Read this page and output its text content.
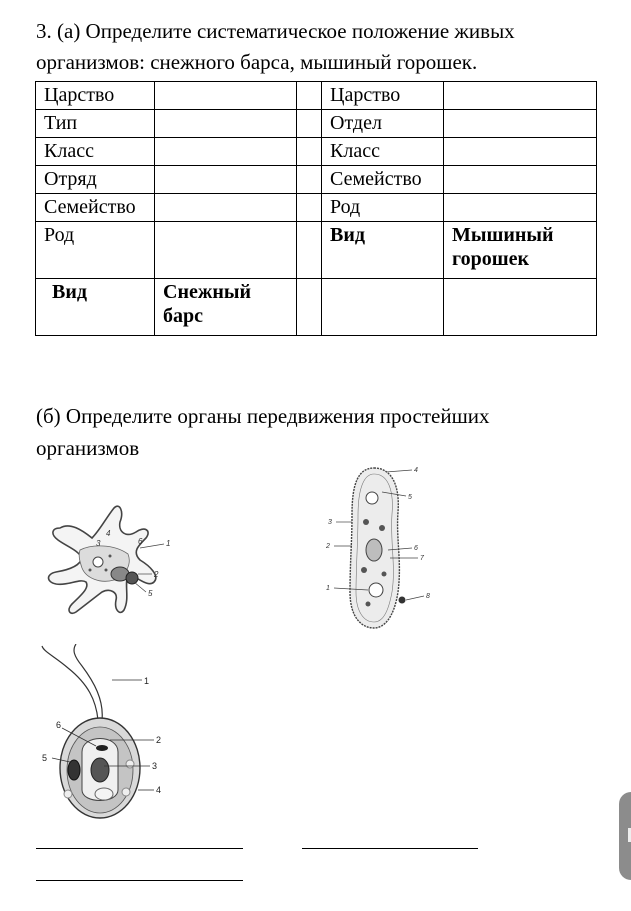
3. (а) Определите систематическое положение живых организмов: снежного барса, мышиный горошек.
Царство			Царство	
Тип			Отдел	
Класс			Класс	
Отряд			Семейство	
Семейство			Род	
Род			Вид	Мышиный горошек
Вид	Снежный барс			
(б) Определите органы передвижения простейших организмов
1
2
3
4
5
6
4
5
3
2	6
7
1
8
1
2
3
4
5
6
